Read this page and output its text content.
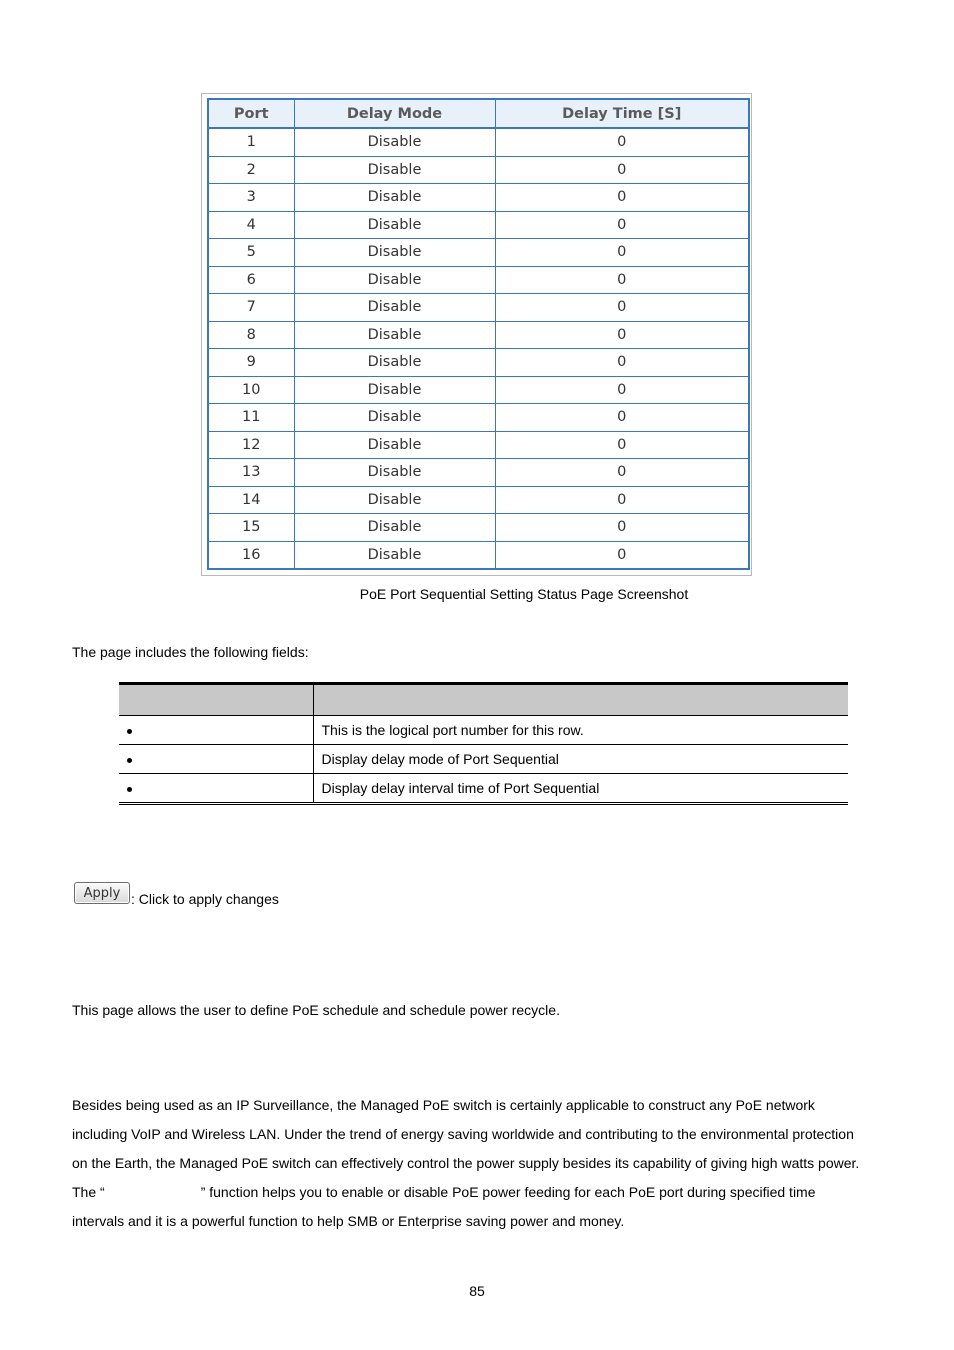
Port	Delay Mode	Delay Time [S]
1	Disable	0
2	Disable	0
3	Disable	0
4	Disable	0
5	Disable	0
6	Disable	0
7	Disable	0
8	Disable	0
9	Disable	0
10	Disable	0
11	Disable	0
12	Disable	0
13	Disable	0
14	Disable	0
15	Disable	0
16	Disable	0
PoE Port Sequential Setting Status Page Screenshot
The page includes the following fields:

	This is the logical port number for this row.
	Display delay mode of Port Sequential
	Display delay interval time of Port Sequential
Apply : Click to apply changes
This page allows the user to define PoE schedule and schedule power recycle.
Besides being used as an IP Surveillance, the Managed PoE switch is certainly applicable to construct any PoE network
including VoIP and Wireless LAN. Under the trend of energy saving worldwide and contributing to the environmental protection
on the Earth, the Managed PoE switch can effectively control the power supply besides its capability of giving high watts power.
The “	” function helps you to enable or disable PoE power feeding for each PoE port during specified time
intervals and it is a powerful function to help SMB or Enterprise saving power and money.
85
